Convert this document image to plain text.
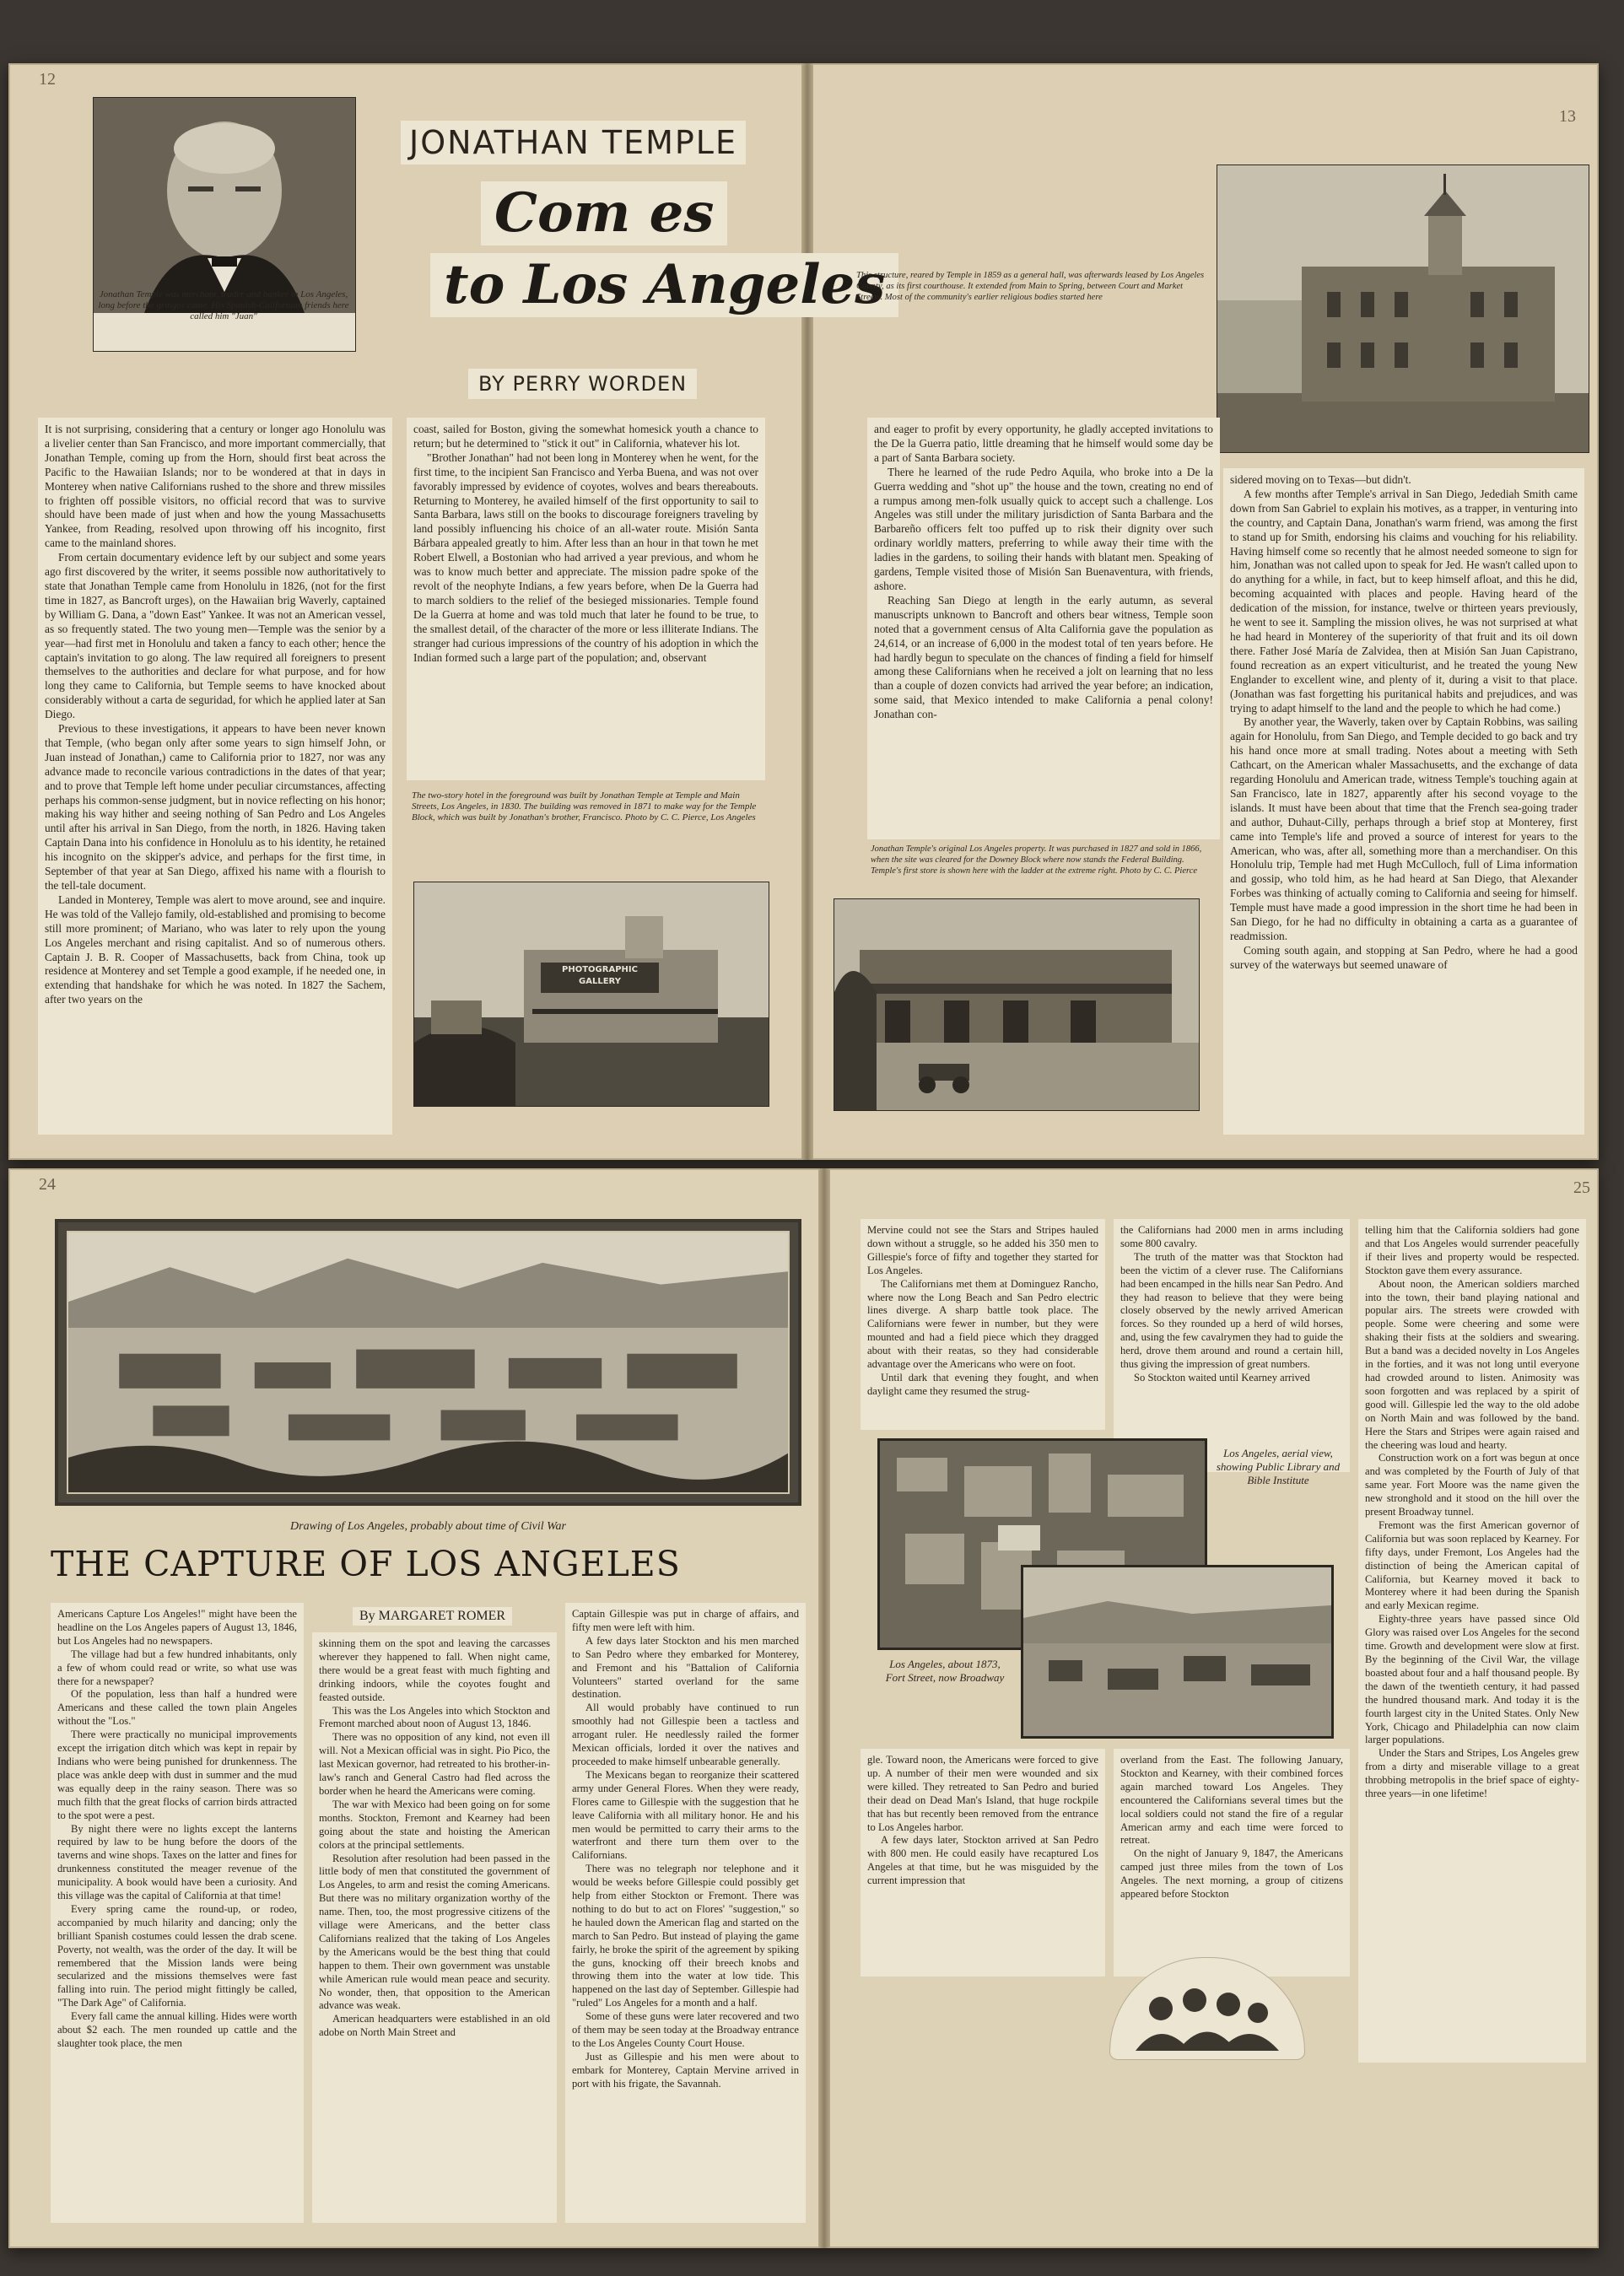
12
13
Jonathan Temple was merchant, trader and banker in Los Angeles, long before the gringos came. His Spanish-Californian friends here called him "Juan"
JONATHAN TEMPLE
Com es
to Los Angeles
BY PERRY WORDEN

It is not surprising, considering that a century or longer ago Honolulu was a livelier center than San Francisco, and more important commercially, that Jonathan Temple, coming up from the Horn, should first beat across the Pacific to the Hawaiian Islands; nor to be wondered at that in days in Monterey when native Californians rushed to the shore and threw missiles to frighten off possible visitors, no official record that was to survive should have been made of just when and how the young Massachusetts Yankee, from Reading, resolved upon throwing off his incognito, first came to the mainland shores.

From certain documentary evidence left by our subject and some years ago first discovered by the writer, it seems possible now authoritatively to state that Jonathan Temple came from Honolulu in 1826, (not for the first time in 1827, as Bancroft urges), on the Hawaiian brig Waverly, captained by William G. Dana, a "down East" Yankee. It was not an American vessel, as so frequently stated. The two young men—Temple was the senior by a year—had first met in Honolulu and taken a fancy to each other; hence the captain's invitation to go along. The law required all foreigners to present themselves to the authorities and declare for what purpose, and for how long they came to California, but Temple seems to have knocked about considerably without a carta de seguridad, for which he applied later at San Diego.

Previous to these investigations, it appears to have been never known that Temple, (who began only after some years to sign himself John, or Juan instead of Jonathan,) came to California prior to 1827, nor was any advance made to reconcile various contradictions in the dates of that year; and to prove that Temple left home under peculiar circumstances, affecting perhaps his common-sense judgment, but in novice reflecting on his honor; making his way hither and seeing nothing of San Pedro and Los Angeles until after his arrival in San Diego, from the north, in 1826. Having taken Captain Dana into his confidence in Honolulu as to his identity, he retained his incognito on the skipper's advice, and perhaps for the first time, in September of that year at San Diego, affixed his name with a flourish to the tell-tale document.

Landed in Monterey, Temple was alert to move around, see and inquire. He was told of the Vallejo family, old-established and promising to become still more prominent; of Mariano, who was later to rely upon the young Los Angeles merchant and rising capitalist. And so of numerous others. Captain J. B. R. Cooper of Massachusetts, back from China, took up residence at Monterey and set Temple a good example, if he needed one, in extending that handshake for which he was noted. In 1827 the Sachem, after two years on the

coast, sailed for Boston, giving the somewhat homesick youth a chance to return; but he determined to "stick it out" in California, whatever his lot.

"Brother Jonathan" had not been long in Monterey when he went, for the first time, to the incipient San Francisco and Yerba Buena, and was not over favorably impressed by evidence of coyotes, wolves and bears thereabouts. Returning to Monterey, he availed himself of the first opportunity to sail to Santa Barbara, laws still on the books to discourage foreigners traveling by land possibly influencing his choice of an all-water route. Misión Santa Bárbara appealed greatly to him. After less than an hour in that town he met Robert Elwell, a Bostonian who had arrived a year previous, and whom he was to know much better and appreciate. The mission padre spoke of the revolt of the neophyte Indians, a few years before, when De la Guerra had to march soldiers to the relief of the besieged missionaries. Temple found De la Guerra at home and was told much that later he found to be true, to the smallest detail, of the character of the more or less illiterate Indians. The stranger had curious impressions of the country of his adoption in which the Indian formed such a large part of the population; and, observant

The two-story hotel in the foreground was built by Jonathan Temple at Temple and Main Streets, Los Angeles, in 1830. The building was removed in 1871 to make way for the Temple Block, which was built by Jonathan's brother, Francisco. Photo by C. C. Pierce, Los Angeles
PHOTOGRAPHIC GALLERY
This structure, reared by Temple in 1859 as a general hall, was afterwards leased by Los Angeles County, as its first courthouse. It extended from Main to Spring, between Court and Market Streets. Most of the community's earlier religious bodies started here

and eager to profit by every opportunity, he gladly accepted invitations to the De la Guerra patio, little dreaming that he himself would some day be a part of Santa Barbara society.

There he learned of the rude Pedro Aquila, who broke into a De la Guerra wedding and "shot up" the house and the town, creating no end of a rumpus among men-folk usually quick to accept such a challenge. Los Angeles was still under the military jurisdiction of Santa Barbara and the Barbareño officers felt too puffed up to risk their dignity over such ordinary worldly matters, preferring to while away their time with the ladies in the gardens, to soiling their hands with blatant men. Speaking of gardens, Temple visited those of Misión San Buenaventura, with friends, ashore.

Reaching San Diego at length in the early autumn, as several manuscripts unknown to Bancroft and others bear witness, Temple soon noted that a government census of Alta California gave the population as 24,614, or an increase of 6,000 in the modest total of ten years before. He had hardly begun to speculate on the chances of finding a field for himself among these Californians when he received a jolt on learning that no less than a couple of dozen convicts had arrived the year before; an indication, some said, that Mexico intended to make California a penal colony! Jonathan con-

Jonathan Temple's original Los Angeles property. It was purchased in 1827 and sold in 1866, when the site was cleared for the Downey Block where now stands the Federal Building. Temple's first store is shown here with the ladder at the extreme right. Photo by C. C. Pierce

sidered moving on to Texas—but didn't.

A few months after Temple's arrival in San Diego, Jedediah Smith came down from San Gabriel to explain his motives, as a trapper, in venturing into the country, and Captain Dana, Jonathan's warm friend, was among the first to stand up for Smith, endorsing his claims and vouching for his reliability. Having himself come so recently that he almost needed someone to sign for him, Jonathan was not called upon to speak for Jed. He wasn't called upon to do anything for a while, in fact, but to keep himself afloat, and this he did, becoming acquainted with places and people. Having heard of the dedication of the mission, for instance, twelve or thirteen years previously, he went to see it. Sampling the mission olives, he was not surprised at what he had heard in Monterey of the superiority of that fruit and its oil down there. Father José María de Zalvidea, then at Misión San Juan Capistrano, found recreation as an expert viticulturist, and he treated the young New Englander to excellent wine, and plenty of it, during a visit to that place. (Jonathan was fast forgetting his puritanical habits and prejudices, and was trying to adapt himself to the land and the people to which he had come.)

By another year, the Waverly, taken over by Captain Robbins, was sailing again for Honolulu, from San Diego, and Temple decided to go back and try his hand once more at small trading. Notes about a meeting with Seth Cathcart, on the American whaler Massachusetts, and the exchange of data regarding Honolulu and American trade, witness Temple's touching again at San Francisco, late in 1827, apparently after his second voyage to the islands. It must have been about that time that the French sea-going trader and author, Duhaut-Cilly, perhaps through a brief stop at Monterey, first came into Temple's life and proved a source of interest for years to the American, who was, after all, something more than a merchandiser. On this Honolulu trip, Temple had met Hugh McCulloch, full of Lima information and gossip, who told him, as he had heard at San Diego, that Alexander Forbes was thinking of actually coming to California and seeing for himself. Temple must have made a good impression in the short time he had been in San Diego, for he had no difficulty in obtaining a carta as a guarantee of readmission.

Coming south again, and stopping at San Pedro, where he had a good survey of the waterways but seemed unaware of

24	25
Drawing of Los Angeles, probably about time of Civil War
THE CAPTURE OF LOS ANGELES

Americans Capture Los Angeles!" might have been the headline on the Los Angeles papers of August 13, 1846, but Los Angeles had no newspapers.

The village had but a few hundred inhabitants, only a few of whom could read or write, so what use was there for a newspaper?

Of the population, less than half a hundred were Americans and these called the town plain Angeles without the "Los."

There were practically no municipal improvements except the irrigation ditch which was kept in repair by Indians who were being punished for drunkenness. The place was ankle deep with dust in summer and the mud was equally deep in the rainy season. There was so much filth that the great flocks of carrion birds attracted to the spot were a pest.

By night there were no lights except the lanterns required by law to be hung before the doors of the taverns and wine shops. Taxes on the latter and fines for drunkenness constituted the meager revenue of the municipality. A book would have been a curiosity. And this village was the capital of California at that time!

Every spring came the round-up, or rodeo, accompanied by much hilarity and dancing; only the brilliant Spanish costumes could lessen the drab scene. Poverty, not wealth, was the order of the day. It will be remembered that the Mission lands were being secularized and the missions themselves were fast falling into ruin. The period might fittingly be called, "The Dark Age" of California.

Every fall came the annual killing. Hides were worth about $2 each. The men rounded up cattle and the slaughter took place, the men

By MARGARET ROMER

skinning them on the spot and leaving the carcasses wherever they happened to fall. When night came, there would be a great feast with much fighting and drinking indoors, while the coyotes fought and feasted outside.

This was the Los Angeles into which Stockton and Fremont marched about noon of August 13, 1846.

There was no opposition of any kind, not even ill will. Not a Mexican official was in sight. Pio Pico, the last Mexican governor, had retreated to his brother-in-law's ranch and General Castro had fled across the border when he heard the Americans were coming.

The war with Mexico had been going on for some months. Stockton, Fremont and Kearney had been going about the state and hoisting the American colors at the principal settlements.

Resolution after resolution had been passed in the little body of men that constituted the government of Los Angeles, to arm and resist the coming Americans. But there was no military organization worthy of the name. Then, too, the most progressive citizens of the village were Americans, and the better class Californians realized that the taking of Los Angeles by the Americans would be the best thing that could happen to them. Their own government was unstable while American rule would mean peace and security. No wonder, then, that opposition to the American advance was weak.

American headquarters were established in an old adobe on North Main Street and

Captain Gillespie was put in charge of affairs, and fifty men were left with him.

A few days later Stockton and his men marched to San Pedro where they embarked for Monterey, and Fremont and his "Battalion of California Volunteers" started overland for the same destination.

All would probably have continued to run smoothly had not Gillespie been a tactless and arrogant ruler. He needlessly railed the former Mexican officials, lorded it over the natives and proceeded to make himself unbearable generally.

The Mexicans began to reorganize their scattered army under General Flores. When they were ready, Flores came to Gillespie with the suggestion that he leave California with all military honor. He and his men would be permitted to carry their arms to the waterfront and there turn them over to the Californians.

There was no telegraph nor telephone and it would be weeks before Gillespie could possibly get help from either Stockton or Fremont. There was nothing to do but to act on Flores' "suggestion," so he hauled down the American flag and started on the march to San Pedro. But instead of playing the game fairly, he broke the spirit of the agreement by spiking the guns, knocking off their breech knobs and throwing them into the water at low tide. This happened on the last day of September. Gillespie had "ruled" Los Angeles for a month and a half.

Some of these guns were later recovered and two of them may be seen today at the Broadway entrance to the Los Angeles County Court House.

Just as Gillespie and his men were about to embark for Monterey, Captain Mervine arrived in port with his frigate, the Savannah.

Mervine could not see the Stars and Stripes hauled down without a struggle, so he added his 350 men to Gillespie's force of fifty and together they started for Los Angeles.

The Californians met them at Dominguez Rancho, where now the Long Beach and San Pedro electric lines diverge. A sharp battle took place. The Californians were fewer in number, but they were mounted and had a field piece which they dragged about with their reatas, so they had considerable advantage over the Americans who were on foot.

Until dark that evening they fought, and when daylight came they resumed the strug-

the Californians had 2000 men in arms including some 800 cavalry.

The truth of the matter was that Stockton had been the victim of a clever ruse. The Californians had been encamped in the hills near San Pedro. And they had reason to believe that they were being closely observed by the newly arrived American forces. So they rounded up a herd of wild horses, and, using the few cavalrymen they had to guide the herd, drove them around and round a certain hill, thus giving the impression of great numbers.

So Stockton waited until Kearney arrived

telling him that the California soldiers had gone and that Los Angeles would surrender peacefully if their lives and property would be respected. Stockton gave them every assurance.

About noon, the American soldiers marched into the town, their band playing national and popular airs. The streets were crowded with people. Some were cheering and some were shaking their fists at the soldiers and swearing. But a band was a decided novelty in Los Angeles in the forties, and it was not long until everyone had crowded around to listen. Animosity was soon forgotten and was replaced by a spirit of good will. Gillespie led the way to the old adobe on North Main and was followed by the band. Here the Stars and Stripes were again raised and the cheering was loud and hearty.

Construction work on a fort was begun at once and was completed by the Fourth of July of that same year. Fort Moore was the name given the new stronghold and it stood on the hill over the present Broadway tunnel.

Fremont was the first American governor of California but was soon replaced by Kearney. For fifty days, under Fremont, Los Angeles had the distinction of being the American capital of California, but Kearney moved it back to Monterey where it had been during the Spanish and early Mexican regime.

Eighty-three years have passed since Old Glory was raised over Los Angeles for the second time. Growth and development were slow at first. By the beginning of the Civil War, the village boasted about four and a half thousand people. By the dawn of the twentieth century, it had passed the hundred thousand mark. And today it is the fourth largest city in the United States. Only New York, Chicago and Philadelphia can now claim larger populations.

Under the Stars and Stripes, Los Angeles grew from a dirty and miserable village to a great throbbing metropolis in the brief space of eighty-three years—in one lifetime!

Los Angeles, aerial view, showing Public Library and Bible Institute
Los Angeles, about 1873, Fort Street, now Broadway

gle. Toward noon, the Americans were forced to give up. A number of their men were wounded and six were killed. They retreated to San Pedro and buried their dead on Dead Man's Island, that huge rockpile that has but recently been removed from the entrance to Los Angeles harbor.

A few days later, Stockton arrived at San Pedro with 800 men. He could easily have recaptured Los Angeles at that time, but he was misguided by the current impression that

overland from the East. The following January, Stockton and Kearney, with their combined forces again marched toward Los Angeles. They encountered the Californians several times but the local soldiers could not stand the fire of a regular American army and each time were forced to retreat.

On the night of January 9, 1847, the Americans camped just three miles from the town of Los Angeles. The next morning, a group of citizens appeared before Stockton
